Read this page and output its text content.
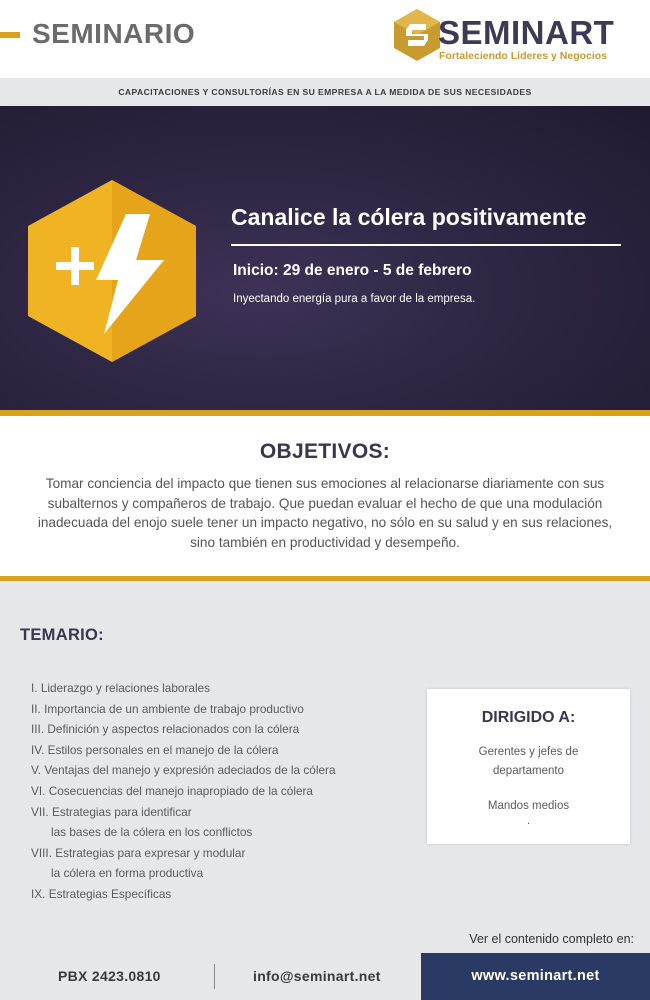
SEMINARIO	SEMINART
Fortaleciendo Líderes y Negocios
CAPACITACIONES Y CONSULTORÍAS EN SU EMPRESA A LA MEDIDA DE SUS NECESIDADES
Canalice la cólera positivamente
Inicio: 29 de enero - 5 de febrero
Inyectando energía pura a favor de la empresa.
OBJETIVOS:

Tomar conciencia del impacto que tienen sus emociones al relacionarse diariamente con sus subalternos y compañeros de trabajo. Que puedan evaluar el hecho de que una modulación inadecuada del enojo suele tener un impacto negativo, no sólo en su salud y en sus relaciones, sino también en productividad y desempeño.

TEMARIO:
I. Liderazgo y relaciones laborales
II. Importancia de un ambiente de trabajo productivo
III. Definición y aspectos relacionados con la cólera
IV. Estilos personales en el manejo de la cólera
V. Ventajas del manejo y expresión adeciados de la cólera
VI. Cosecuencias del manejo inapropiado de la cólera
VII. Estrategias para identificar
las bases de la cólera en los conflictos
VIII. Estrategias para expresar y modular
la cólera en forma productiva
IX. Estrategias Específicas
DIRIGIDO A:
Gerentes y jefes de departamento
Mandos medios
.
Ver el contenido completo en:
PBX 2423.0810	info@seminart.net	www.seminart.net
